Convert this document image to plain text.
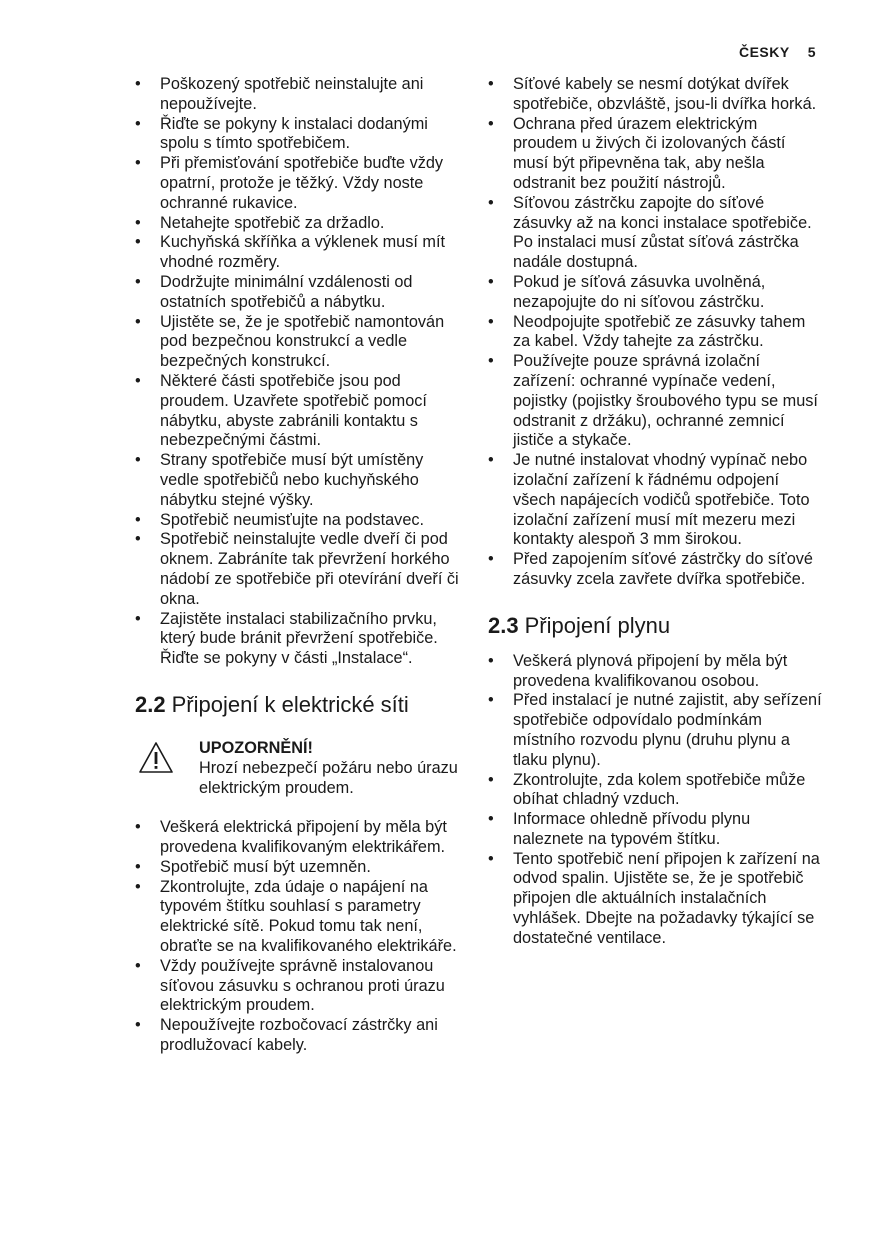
ČESKY 5
• Poškozený spotřebič neinstalujte ani nepoužívejte.
• Řiďte se pokyny k instalaci dodanými spolu s tímto spotřebičem.
• Při přemisťování spotřebiče buďte vždy opatrní, protože je těžký. Vždy noste ochranné rukavice.
• Netahejte spotřebič za držadlo.
• Kuchyňská skříňka a výklenek musí mít vhodné rozměry.
• Dodržujte minimální vzdálenosti od ostatních spotřebičů a nábytku.
• Ujistěte se, že je spotřebič namontován pod bezpečnou konstrukcí a vedle bezpečných konstrukcí.
• Některé části spotřebiče jsou pod proudem. Uzavřete spotřebič pomocí nábytku, abyste zabránili kontaktu s nebezpečnými částmi.
• Strany spotřebiče musí být umístěny vedle spotřebičů nebo kuchyňského nábytku stejné výšky.
• Spotřebič neumisťujte na podstavec.
• Spotřebič neinstalujte vedle dveří či pod oknem. Zabráníte tak převržení horkého nádobí ze spotřebiče při otevírání dveří či okna.
• Zajistěte instalaci stabilizačního prvku, který bude bránit převržení spotřebiče. Řiďte se pokyny v části „Instalace“.
2.2 Připojení k elektrické síti
UPOZORNĚNÍ!
Hrozí nebezpečí požáru nebo úrazu elektrickým proudem.
• Veškerá elektrická připojení by měla být provedena kvalifikovaným elektrikářem.
• Spotřebič musí být uzemněn.
• Zkontrolujte, zda údaje o napájení na typovém štítku souhlasí s parametry elektrické sítě. Pokud tomu tak není, obraťte se na kvalifikovaného elektrikáře.
• Vždy používejte správně instalovanou síťovou zásuvku s ochranou proti úrazu elektrickým proudem.
• Nepoužívejte rozbočovací zástrčky ani prodlužovací kabely.
• Síťové kabely se nesmí dotýkat dvířek spotřebiče, obzvláště, jsou-li dvířka horká.
• Ochrana před úrazem elektrickým proudem u živých či izolovaných částí musí být připevněna tak, aby nešla odstranit bez použití nástrojů.
• Síťovou zástrčku zapojte do síťové zásuvky až na konci instalace spotřebiče. Po instalaci musí zůstat síťová zástrčka nadále dostupná.
• Pokud je síťová zásuvka uvolněná, nezapojujte do ni síťovou zástrčku.
• Neodpojujte spotřebič ze zásuvky tahem za kabel. Vždy tahejte za zástrčku.
• Používejte pouze správná izolační zařízení: ochranné vypínače vedení, pojistky (pojistky šroubového typu se musí odstranit z držáku), ochranné zemnicí jističe a stykače.
• Je nutné instalovat vhodný vypínač nebo izolační zařízení k řádnému odpojení všech napájecích vodičů spotřebiče. Toto izolační zařízení musí mít mezeru mezi kontakty alespoň 3 mm širokou.
• Před zapojením síťové zástrčky do síťové zásuvky zcela zavřete dvířka spotřebiče.
2.3 Připojení plynu
• Veškerá plynová připojení by měla být provedena kvalifikovanou osobou.
• Před instalací je nutné zajistit, aby seřízení spotřebiče odpovídalo podmínkám místního rozvodu plynu (druhu plynu a tlaku plynu).
• Zkontrolujte, zda kolem spotřebiče může obíhat chladný vzduch.
• Informace ohledně přívodu plynu naleznete na typovém štítku.
• Tento spotřebič není připojen k zařízení na odvod spalin. Ujistěte se, že je spotřebič připojen dle aktuálních instalačních vyhlášek. Dbejte na požadavky týkající se dostatečné ventilace.
